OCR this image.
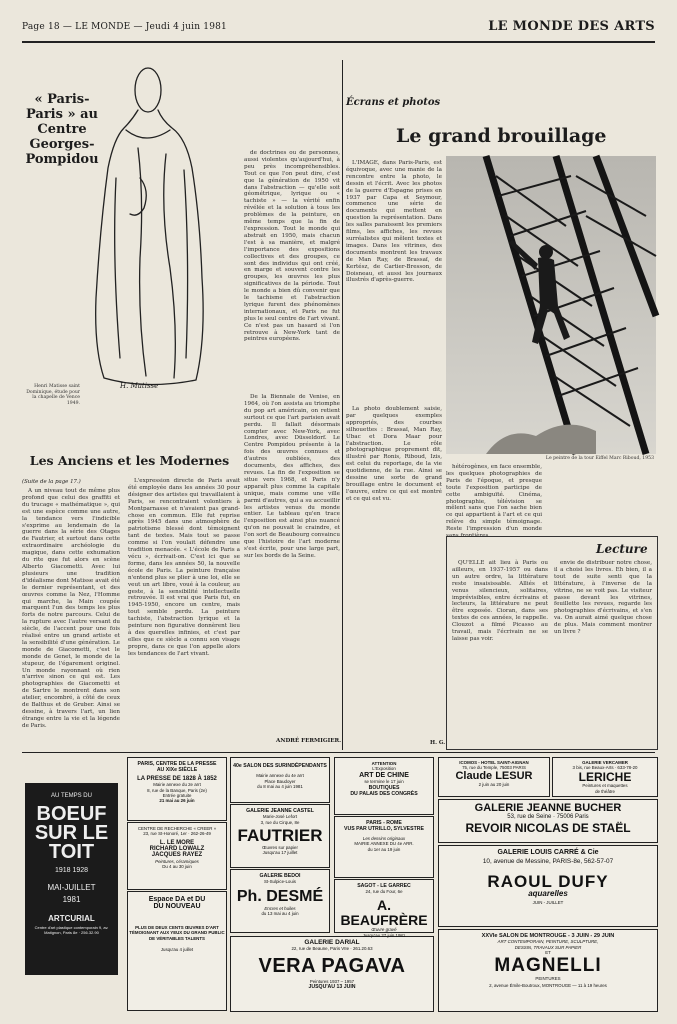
Page 18 — LE MONDE — Jeudi 4 juin 1981	LE MONDE DES ARTS
« Paris-Paris » au Centre Georges-Pompidou
H. Matisse
Henri Matisse saint Dominique, étude pour la chapelle de Vence 1949.
Les Anciens et les Modernes
(Suite de la page 17.)

A un niveau tout de même plus profond que celui des graffiti et du trucage « mathématique », qui est une espèce comme une autre, la tendance vers l'indicible s'exprime au lendemain de la guerre dans la série des Otages de Fautrier, et surtout dans cette extraordinaire archéologie du magique, dans cette exhumation du rite que fut alors en scène Alberto Giacometti. Avec lui plusieurs une tradition d'idéalisme dont Matisse avait été le dernier représentant, et des œuvres comme la Nez, l'Homme qui marche, la Main coupée marquent l'un des temps les plus forts de notre parcours. Celui de la rupture avec l'autre versant du siècle, de l'accent pour une fois réalisé entre un grand artiste et la sensibilité d'une génération. Le monde de Giacometti, c'est le monde de Genet, le monde de la stupeur, de l'égarement originel. Un monde rayonnant où rien n'arrive sinon ce qui est. Les photographies de Giacometti et de Sartre le montrent dans son atelier, encombré, à côté de ceux de Balthus et de Gruber. Ainsi se dessine, à travers l'art, un lien étrange entre la vie et la légende de Paris.

L'expression directe de Paris avait été employée dans les années 30 pour désigner des artistes qui travaillaient à Paris, se rencontraient volontiers à Montparnasse et n'avaient pas grand-chose en commun. Elle fut reprise après 1945 dans une atmosphère de patriotisme blessé dont témoignent tant de textes. Mais tout se passe comme si l'on voulait défendre une tradition menacée. « L'école de Paris a vécu », écrivait-on. C'est ici que se forme, dans les années 50, la nouvelle école de Paris. La peinture française n'entend plus se plier à une loi, elle se veut un art libre, voué à la couleur, au geste, à la sensibilité intellectuelle retrouvée. Il est vrai que Paris fut, en 1945-1950, encore un centre, mais tout semble perdu. La peinture tachiste, l'abstraction lyrique et la peinture non figurative donnèrent lieu à des querelles infinies, et c'est par elles que ce siècle a connu son visage propre, dans ce que l'on appelle alors les tendances de l'art vivant.

de doctrines ou de personnes, aussi violentes qu'aujourd'hui, à peu près incompréhensibles. Tout ce que l'on peut dire, c'est que la génération de 1950 vit dans l'abstraction — qu'elle soit géométrique, lyrique ou « tachiste » — la vérité enfin révélée et la solution à tous les problèmes de la peinture, en même temps que la fin de l'expression. Tout le monde qui abstrait en 1950, mais chacun l'est à sa manière, et malgré l'importance des expositions collectives et des groupes, ce sont des individus qui ont créé, en marge et souvent contre les groupes, les œuvres les plus significatives de la période. Tout le monde a bien dû convenir que le tachisme et l'abstraction lyrique furent des phénomènes internationaux, et Paris ne fut plus le seul centre de l'art vivant. Ce n'est pas un hasard si l'on retrouve à New-York tant de peintres européens.

De la Biennale de Venise, en 1964, où l'on assista au triomphe du pop art américain, on retient surtout ce que l'art parisien avait perdu. Il fallait désormais compter avec New-York, avec Londres, avec Düsseldorf. Le Centre Pompidou présente à la fois des œuvres connues et d'autres oubliées, des documents, des affiches, des revues. La fin de l'exposition se situe vers 1968, et Paris n'y apparaît plus comme la capitale unique, mais comme une ville parmi d'autres, qui a su accueillir les artistes venus du monde entier. Le tableau qu'en trace l'exposition est ainsi plus nuancé qu'on ne pouvait le craindre, et l'on sort de Beaubourg convaincu que l'histoire de l'art moderne s'est écrite, pour une large part, sur les bords de la Seine.

ANDRÉ FERMIGIER.
Écrans et photos
Le grand brouillage

L'IMAGE, dans Paris-Paris, est équivoque, avec une manie de la rencontre entre la photo, le dessin et l'écrit. Avec les photos de la guerre d'Espagne prises en 1937 par Capa et Seymour, commence une série de documents qui mettent en question la représentation. Dans les salles paraissent les premiers films, les affiches, les revues surréalistes qui mêlent textes et images. Dans les vitrines, des documents montrent les travaux de Man Ray, de Brassaï, de Kertész, de Cartier-Bresson, de Doisneau, et aussi les journaux illustrés d'après-guerre.

La photo doublement saisie, par quelques exemples appropriés, des courbes silhouettes : Brassaï, Man Ray, Ubac et Dora Maar pour l'abstraction. Le rôle photographique proprement dit, illustré par Ronis, Riboud, Izis, est celui du reportage, de la vie quotidienne, de la rue. Ainsi se dessine une sorte de grand brouillage entre le document et l'œuvre, entre ce qui est montré et ce qui est vu.

Le peintre de la tour Eiffel Marc Riboud, 1953

hétérogènes, en face ensemble, les quelques photographies de Paris de l'époque, et presque toute l'exposition participe de cette ambiguïté. Cinéma, photographie, télévision se mêlent sans que l'on sache bien ce qui appartient à l'art et ce qui relève du simple témoignage. Reste l'impression d'un monde sans frontières.

H. G.
Lecture

QU'ELLE ait lieu à Paris ou ailleurs, en 1937-1957 ou dans un autre ordre, la littérature reste insaisissable. Alliés et venus silencieux, solitaires, imprévisibles, entre écrivains et lecteurs, la littérature ne peut être exposée. Cioran, dans ses textes de ces années, le rappelle. Clouzot a filmé Picasso au travail, mais l'écrivain ne se laisse pas voir.

envie de distribuer notre chose, il a choisi les livres. Eh bien, il a tout de suite senti que la littérature, à l'inverse de la vitrine, ne se voit pas. Le visiteur passe devant les vitrines, feuillette les revues, regarde les photographies d'écrivains, et s'en va. On aurait aimé quelque chose de plus. Mais comment montrer un livre ?

AU TEMPS DU
BOEUF
SUR LE
TOIT
1918 1928
MAI-JUILLET
1981
ARTCURIAL
Centre d'art plastique contemporain 9, av. Matignon, Paris 8e · 256.32.90

PARIS, CENTRE DE LA PRESSE

AU XIXe SIÈCLE

LA PRESSE DE 1828 À 1852

Mairie annexe du 2e arrt

8, rue de la Banque, Paris (2e)

Entrée gratuite

21 mai au 26 juin

CENTRE DE RECHERCHE « CREER »

23, rue St-Honoré, 1er · 262-26-49

L. LE MORE

RICHARD LOWALZ

JACQUES RAYEZ

Peintures, céramiques

Du 4 au 30 juin

Espace DA et DU

DU NOUVEAU

PLUS DE DEUX CENTS ŒUVRES D'ART

TÉMOIGNANT AUX YEUX DU GRAND PUBLIC

DE VÉRITABLES TALENTS

Jusqu'au 4 juillet

40e SALON DES SURINDÉPENDANTS

Mairie annexe du 4e arrt

Place Baudoyer

du 8 mai au 4 juin 1981

GALERIE JEANNE CASTEL

Marie-José Lefort

3, rue du Cirque, 8e

FAUTRIER

Œuvres sur papier

Jusqu'au 17 juillet

GALERIE BEDOI

St-Sulpice-Louis

Ph. DESMÉ

Encres et huiles

du 13 mai au 4 juin

GALERIE DARIAL

22, rue de Beaune, Paris VIIe · 261.20.63

VERA PAGAVA

Peintures 1937 – 1957

JUSQU'AU 13 JUIN

ATTENTION

L'Exposition

ART DE CHINE

se termine le 17 juin

BOUTIQUES

DU PALAIS DES CONGRÈS

PARIS - ROME

VUS PAR UTRILLO, SYLVESTRE

Les dessins originaux

MAIRIE ANNEXE DU 4e ARR.

du 1er au 19 juin

SAGOT - LE GARREC

24, rue du Four, 6e

A. BEAUFRÈRE

Œuvre gravé

Jusqu'au 27 juin 1981

ICOMOS - HOTEL SAINT-AIGNAN

75, rue du Temple, 75003 PARIS

Claude LESUR

2 juin au 20 juin

GALERIE VERCAMER

3 bis, rue Beaux-Arts · 633-78-20

LERICHE

Peintures et maquettes

de théâtre

GALERIE JEANNE BUCHER

53, rue de Seine · 75006 Paris

REVOIR NICOLAS DE STAËL

GALERIE LOUIS CARRÉ & Cie

10, avenue de Messine, PARIS-8e, 562-57-07

RAOUL DUFY

aquarelles

JUIN - JUILLET

XXVIe SALON DE MONTROUGE - 3 JUIN - 29 JUIN

ART CONTEMPORAIN, PEINTURE, SCULPTURE,

DESSIN, TRAVAUX SUR PAPIER

ET

MAGNELLI

PEINTURES

2, avenue Émile-Boutroux, MONTROUGE — 11 à 19 heures
